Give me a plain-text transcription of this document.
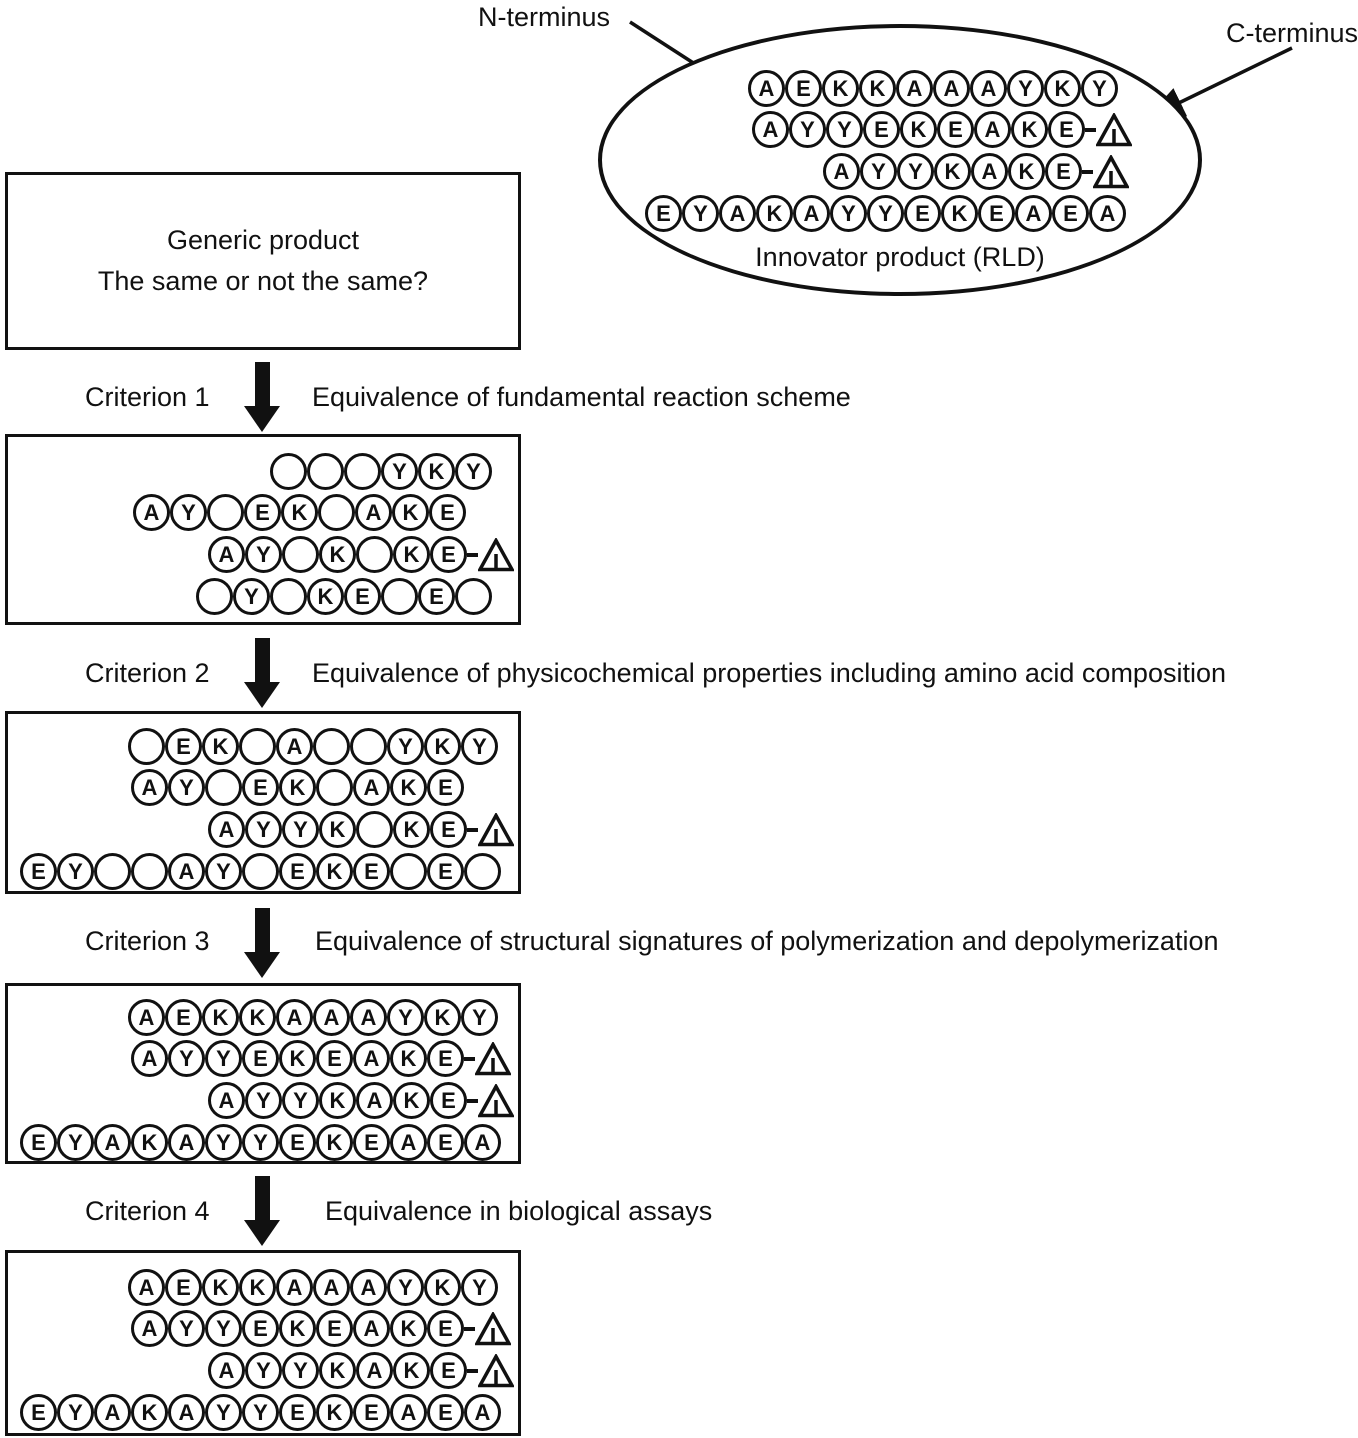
N-terminus
C-terminus
Generic product
The same or not the same?
A E K K A A A Y K Y
A Y	Y	E K E A K E
A Y	Y K A K E
E	Y A K A Y	Y	E K E A E A
Innovator product (RLD)
Criterion 1	Equivalence of fundamental reaction scheme
Y K Y
A Y	E K	A K E
A Y	K	K E
Y	K E	E
Criterion 2	Equivalence of physicochemical properties including amino acid composition
E K	A	Y K Y
A Y	E K	A K E
A Y	Y K	K E
E	Y	A Y	E K E	E
Criterion 3	Equivalence of structural signatures of polymerization and depolymerization
A E K K A A A Y K Y
A Y	Y	E K E A K E
A Y	Y K A K E
E	Y A K A Y	Y	E K E A E A
Criterion 4	Equivalence in biological assays
A E K K A A A Y K Y
A Y	Y	E K E A K E
A Y	Y K A K E
E	Y A K A Y	Y	E K E A E A
